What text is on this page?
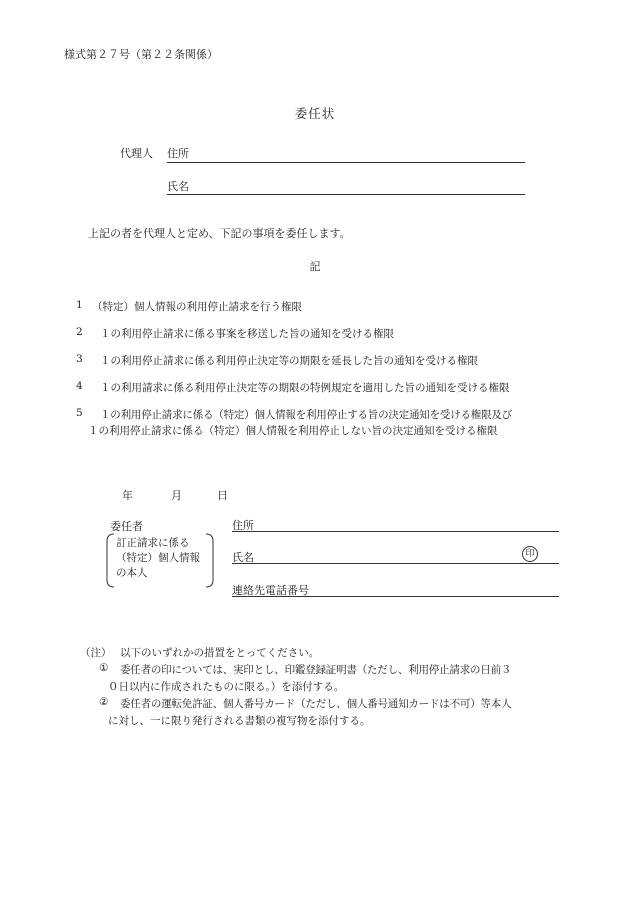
様式第２７号（第２２条関係）
委任状
代理人 住所
氏名
上記の者を代理人と定め、下記の事項を委任します。
記
1 （特定）個人情報の利用停止請求を行う権限
2 １の利用停止請求に係る事案を移送した旨の通知を受ける権限
3 １の利用停止請求に係る利用停止決定等の期限を延長した旨の通知を受ける権限
4 １の利用請求に係る利用停止決定等の期限の特例規定を適用した旨の通知を受ける権限
5 １の利用停止請求に係る（特定）個人情報を利用停止する旨の決定通知を受ける権限及び
１の利用停止請求に係る（特定）個人情報を利用停止しない旨の決定通知を受ける権限
年	月	日
委任者
訂正請求に係る
（特定）個人情報
の本人
住所
氏名	印
連絡先電話番号
（注） 以下のいずれかの措置をとってください。
① 委任者の印については、実印とし、印鑑登録証明書（ただし、利用停止請求の日前３
０日以内に作成されたものに限る。）を添付する。
② 委任者の運転免許証、個人番号カード（ただし、個人番号通知カードは不可）等本人
に対し、一に限り発行される書類の複写物を添付する。
